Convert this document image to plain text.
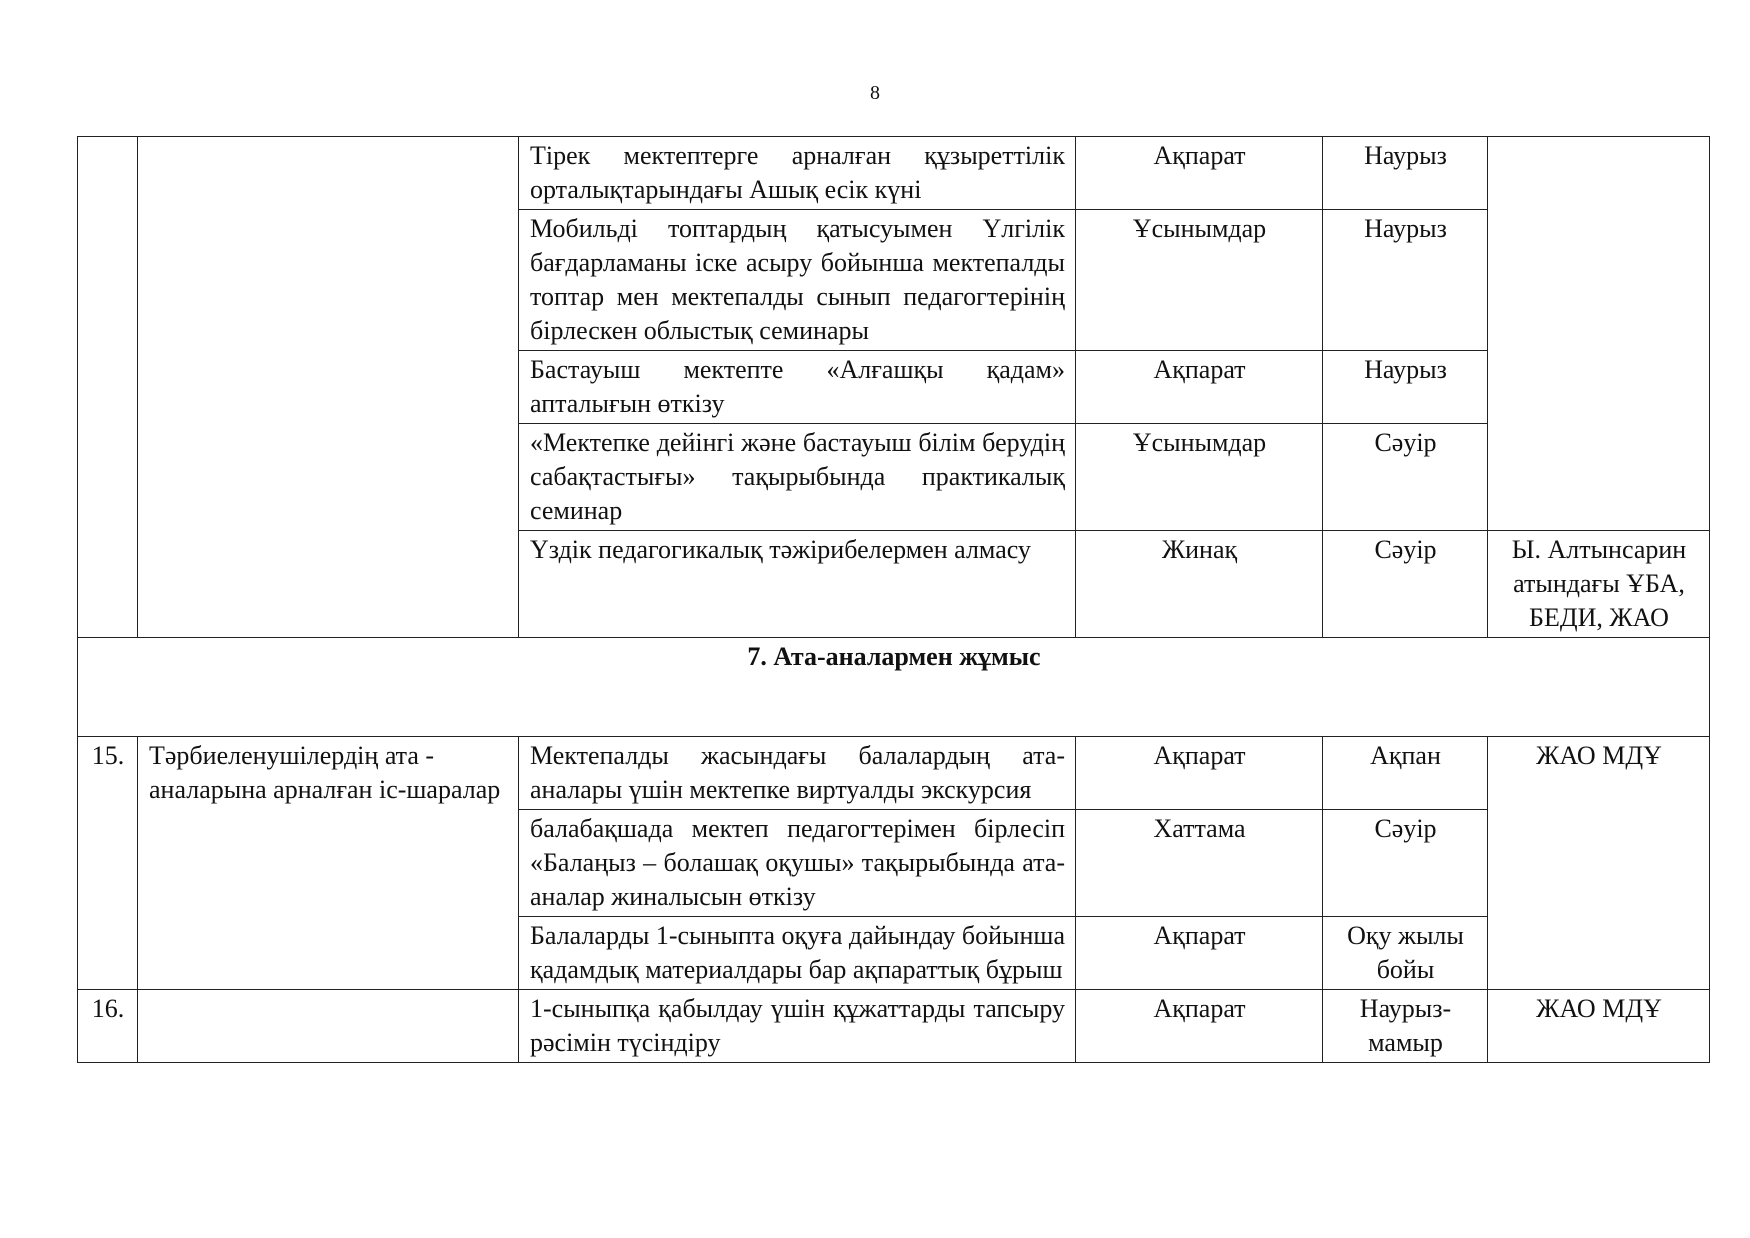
8
		Тірек мектептерге арналған құзыреттілік орталықтарындағы Ашық есік күні	Ақпарат	Наурыз	
		Мобильді топтардың қатысуымен Үлгілік бағдарламаны іске асыру бойынша мектепалды топтар мен мектепалды сынып педагогтерінің бірлескен облыстық семинары	Ұсынымдар	Наурыз	
		Бастауыш мектепте «Алғашқы қадам» апталығын өткізу	Ақпарат	Наурыз	
		«Мектепке дейінгі және бастауыш білім берудің сабақтастығы» тақырыбында практикалық семинар	Ұсынымдар	Сәуір	
		Үздік педагогикалық тәжірибелермен алмасу	Жинақ	Сәуір	Ы. Алтынсарин атындағы ҰБА, БЕДИ, ЖАО
7. Ата-аналармен жұмыс					
15.	Тәрбиеленушілердің ата - аналарына арналған іс-шаралар	Мектепалды жасындағы балалардың ата-аналары үшін мектепке виртуалды экскурсия	Ақпарат	Ақпан	ЖАО МДҰ
		балабақшада мектеп педагогтерімен бірлесіп «Балаңыз – болашақ оқушы» тақырыбында ата-аналар жиналысын өткізу	Хаттама	Сәуір	
		Балаларды 1-сыныпта оқуға дайындау бойынша қадамдық материалдары бар ақпараттық бұрыш	Ақпарат	Оқу жылы бойы	
16.		1-сыныпқа қабылдау үшін құжаттарды тапсыру рәсімін түсіндіру	Ақпарат	Наурыз-мамыр	ЖАО МДҰ
